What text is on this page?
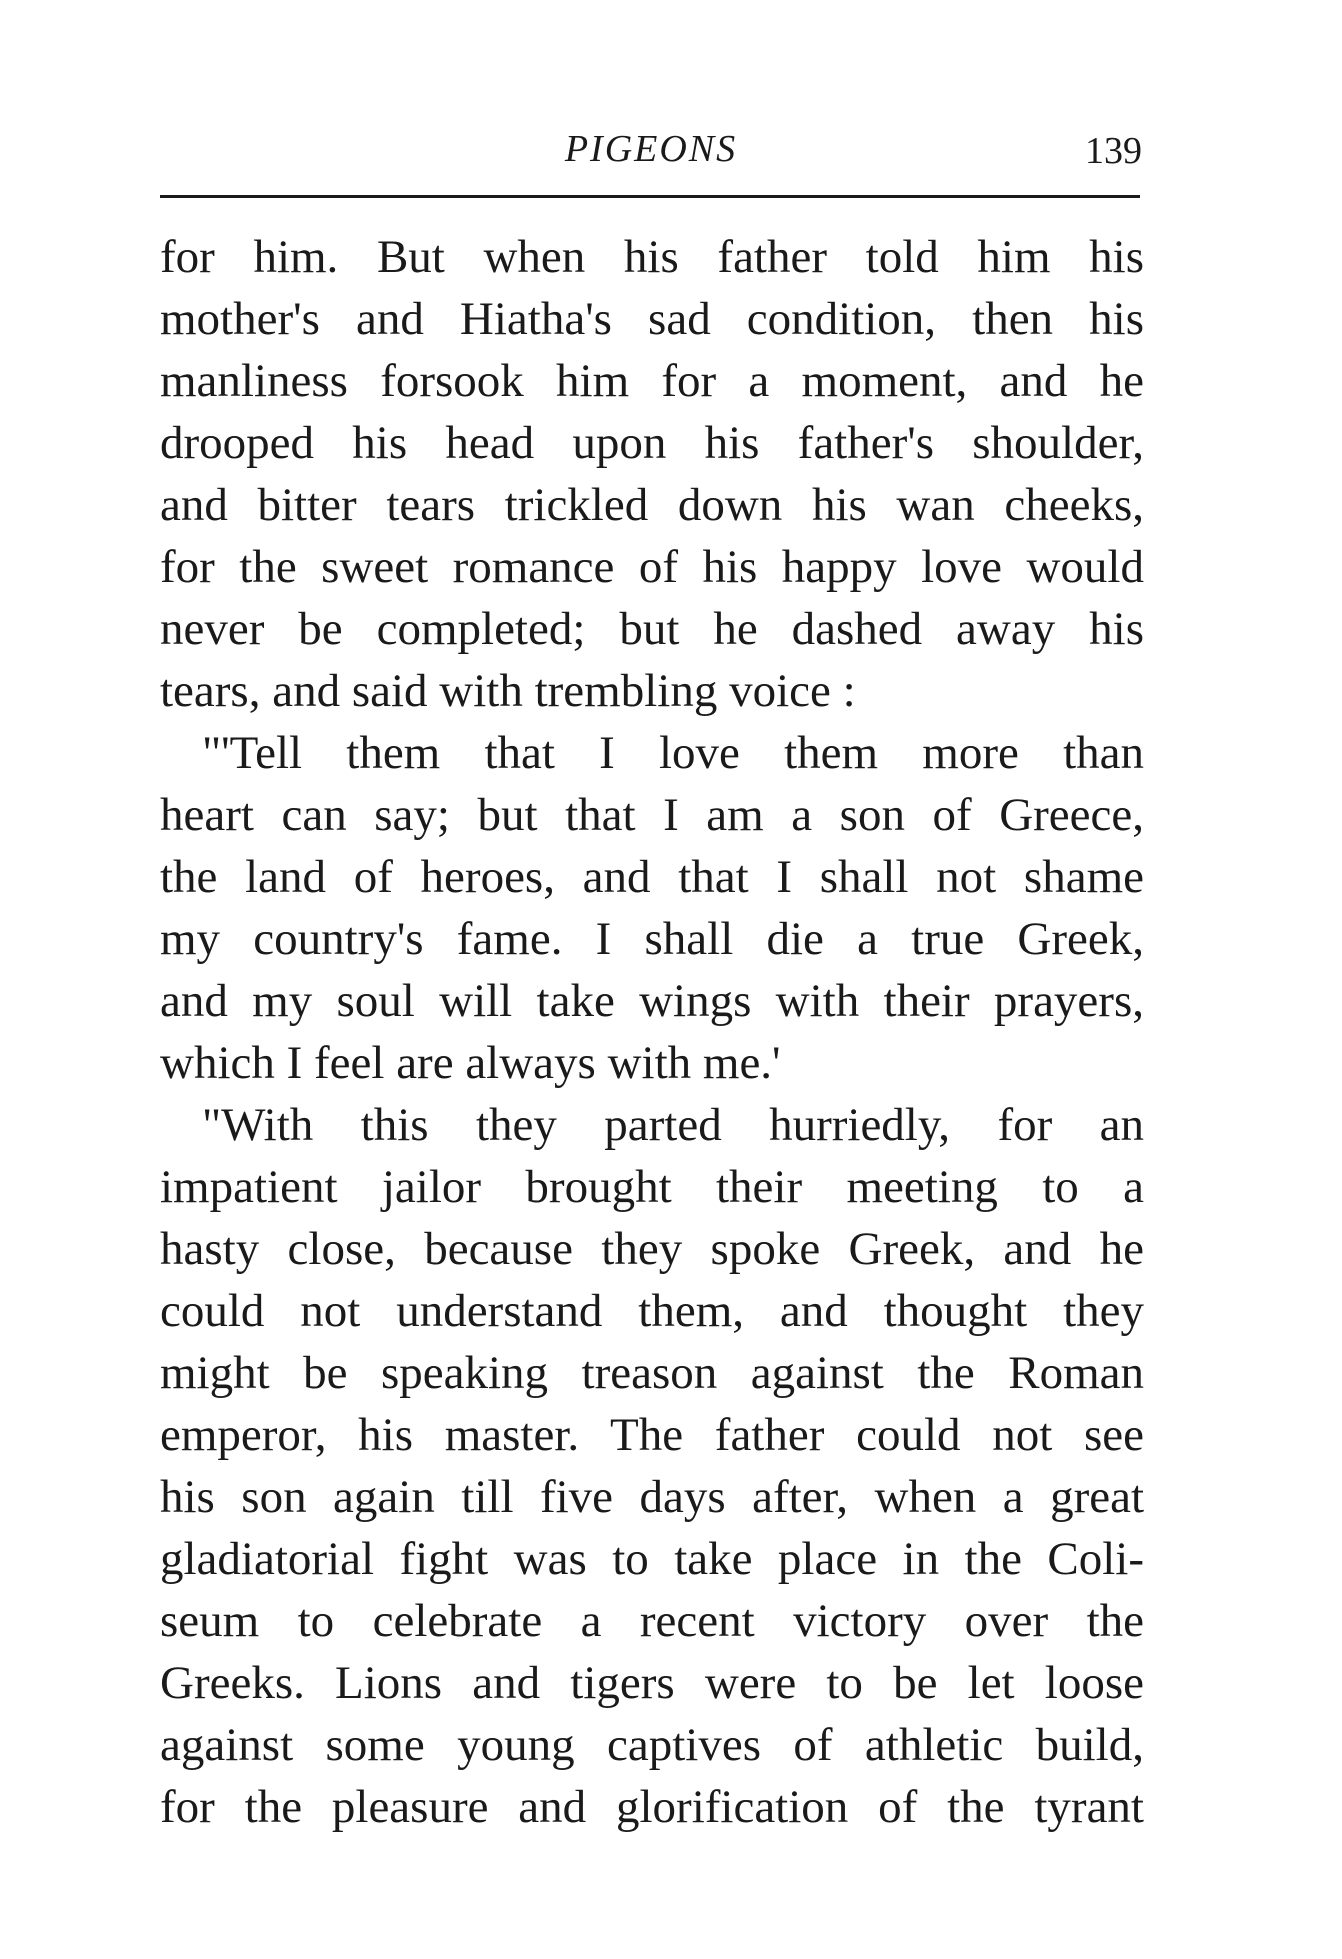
PIGEONS	139
for him. But when his father told him his
mother's and Hiatha's sad condition, then his
manliness forsook him for a moment, and he
drooped his head upon his father's shoulder,
and bitter tears trickled down his wan cheeks,
for the sweet romance of his happy love would
never be completed; but he dashed away his
tears, and said with trembling voice :
"'Tell them that I love them more than
heart can say; but that I am a son of Greece,
the land of heroes, and that I shall not shame
my country's fame. I shall die a true Greek,
and my soul will take wings with their prayers,
which I feel are always with me.'
"With this they parted hurriedly, for an
impatient jailor brought their meeting to a
hasty close, because they spoke Greek, and he
could not understand them, and thought they
might be speaking treason against the Roman
emperor, his master. The father could not see
his son again till five days after, when a great
gladiatorial fight was to take place in the Coli-
seum to celebrate a recent victory over the
Greeks. Lions and tigers were to be let loose
against some young captives of athletic build,
for the pleasure and glorification of the tyrant
